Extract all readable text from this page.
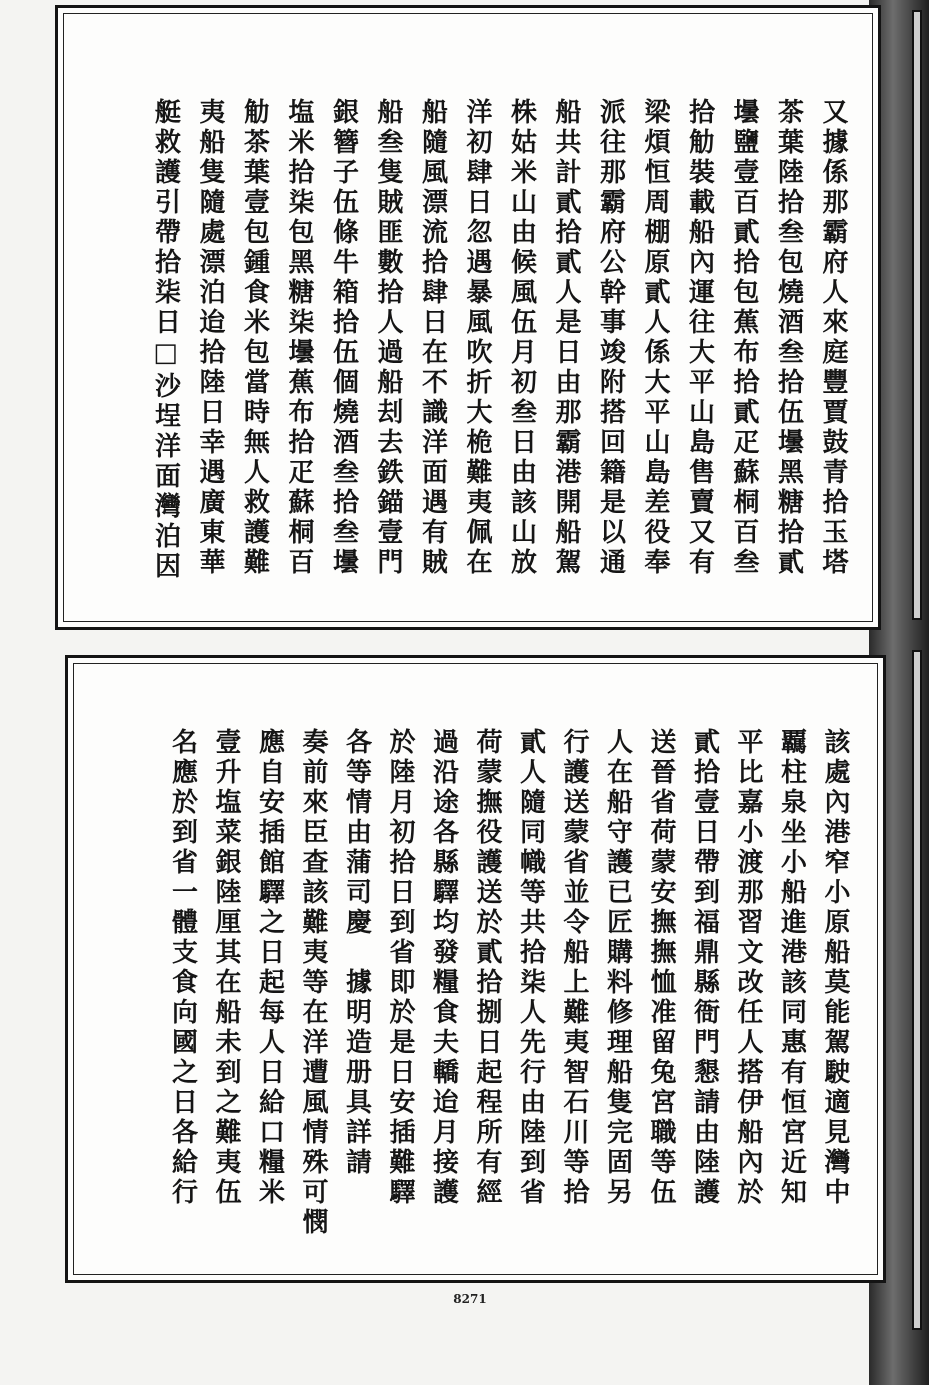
又據係那霸府人來庭豐賈鼓青拾玉塔
茶葉陸拾叁包燒酒叁拾伍壜黑糖拾貳
壜鹽壹百貳拾包蕉布拾貳疋蘇桐百叁
拾觔裝載船內運往大平山島售賣又有
梁煩恒周棚原貳人係大平山島差役奉
派往那霸府公幹事竣附搭回籍是以通
船共計貳拾貳人是日由那霸港開船駕
株姑米山由候風伍月初叁日由該山放
洋初肆日忽遇暴風吹折大桅難夷佩在
船隨風漂流拾肆日在不識洋面遇有賊
船叁隻賊匪數拾人過船刦去鉄錨壹門
銀簪子伍條牛箱拾伍個燒酒叁拾叁壜
塩米拾柒包黑糖柒壜蕉布拾疋蘇桐百
觔茶葉壹包鍾食米包當時無人救護難
夷船隻隨處漂泊迨拾陸日幸遇廣東華
艇救護引帶拾柒日□沙埕洋面灣泊因
該處內港窄小原船莫能駕駛適見灣中
覊柱泉坐小船進港該同惠有恒宮近知
平比嘉小渡那習文改任人搭伊船內於
貳拾壹日帶到福鼎縣衙門懇請由陸護
送晉省荷蒙安撫撫恤准留兔宮職等伍
人在船守護已匠購料修理船隻完固另
行護送蒙省並令船上難夷智石川等拾
貳人隨同幟等共拾柒人先行由陸到省
荷蒙撫役護送於貳拾捌日起程所有經
過沿途各縣驛均發糧食夫轎迨月接護
於陸月初拾日到省即於是日安插難驛
各等情由蒲司慶　據明造册具詳請
奏前來臣查該難夷等在洋遭風情殊可憫
應自安插館驛之日起每人日給口糧米
壹升塩菜銀陸厘其在船未到之難夷伍
名應於到省一體支食向國之日各給行
8271
